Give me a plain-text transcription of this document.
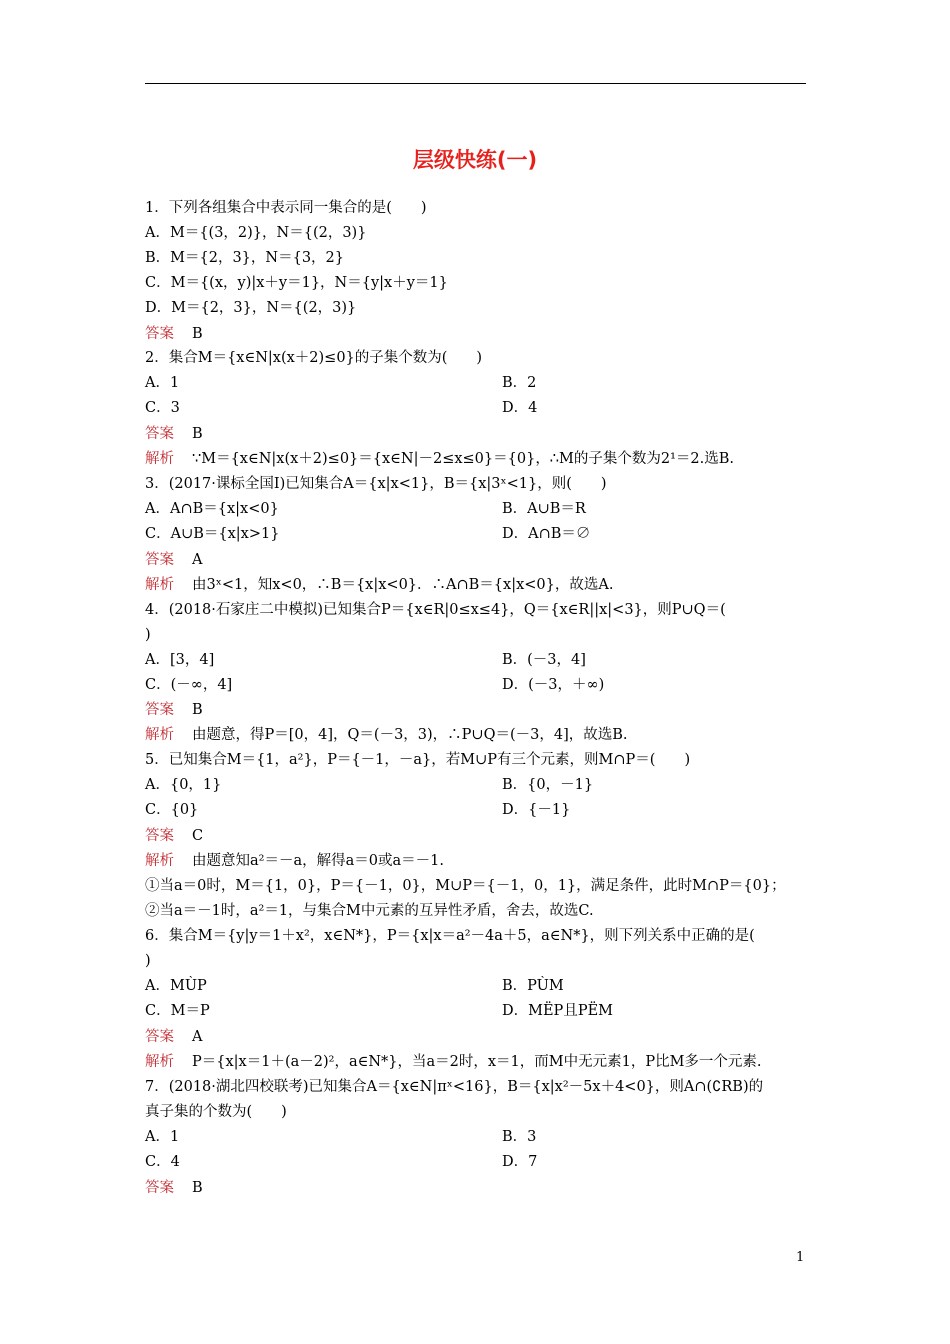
层级快练(一)
1．下列各组集合中表示同一集合的是(　　)
A．M＝{(3，2)}，N＝{(2，3)}
B．M＝{2，3}，N＝{3，2}
C．M＝{(x，y)|x＋y＝1}，N＝{y|x＋y＝1}
D．M＝{2，3}，N＝{(2，3)}
答案 B
2．集合M＝{x∈N|x(x＋2)≤0}的子集个数为(　　)
A．1	B．2
C．3	D．4
答案 B
解析 ∵M＝{x∈N|x(x＋2)≤0}＝{x∈N|－2≤x≤0}＝{0}，∴M的子集个数为2¹＝2.选B.
3．(2017·课标全国Ⅰ)已知集合A＝{x|x<1}，B＝{x|3ˣ<1}，则(　　)
A．A∩B＝{x|x<0}	B．A∪B＝R
C．A∪B＝{x|x>1}	D．A∩B＝∅
答案 A
解析 由3ˣ<1，知x<0，∴B＝{x|x<0}．∴A∩B＝{x|x<0}，故选A.
4．(2018·石家庄二中模拟)已知集合P＝{x∈R|0≤x≤4}，Q＝{x∈R||x|<3}，则P∪Q＝(
)
A．[3，4]	B．(－3，4]
C．(－∞，4]	D．(－3，＋∞)
答案 B
解析 由题意，得P＝[0，4]，Q＝(－3，3)，∴P∪Q＝(－3，4]，故选B.
5．已知集合M＝{1，a²}，P＝{－1，－a}，若M∪P有三个元素，则M∩P＝(　　)
A．{0，1}	B．{0，－1}
C．{0}	D．{－1}
答案 C
解析 由题意知a²＝－a，解得a＝0或a＝－1.
①当a＝0时，M＝{1，0}，P＝{－1，0}，M∪P＝{－1，0，1}，满足条件，此时M∩P＝{0}；
②当a＝－1时，a²＝1，与集合M中元素的互异性矛盾，舍去，故选C.
6．集合M＝{y|y＝1＋x²，x∈N*}，P＝{x|x＝a²－4a＋5，a∈N*}，则下列关系中正确的是(
)
A．MÙP	B．PÙM
C．M＝P	D．MËP且PËM
答案 A
解析 P＝{x|x＝1＋(a－2)²，a∈N*}，当a＝2时，x＝1，而M中无元素1，P比M多一个元素.
7．(2018·湖北四校联考)已知集合A＝{x∈N|πˣ<16}，B＝{x|x²－5x＋4<0}，则A∩(∁RB)的
真子集的个数为(　　)
A．1	B．3
C．4	D．7
答案 B
1
